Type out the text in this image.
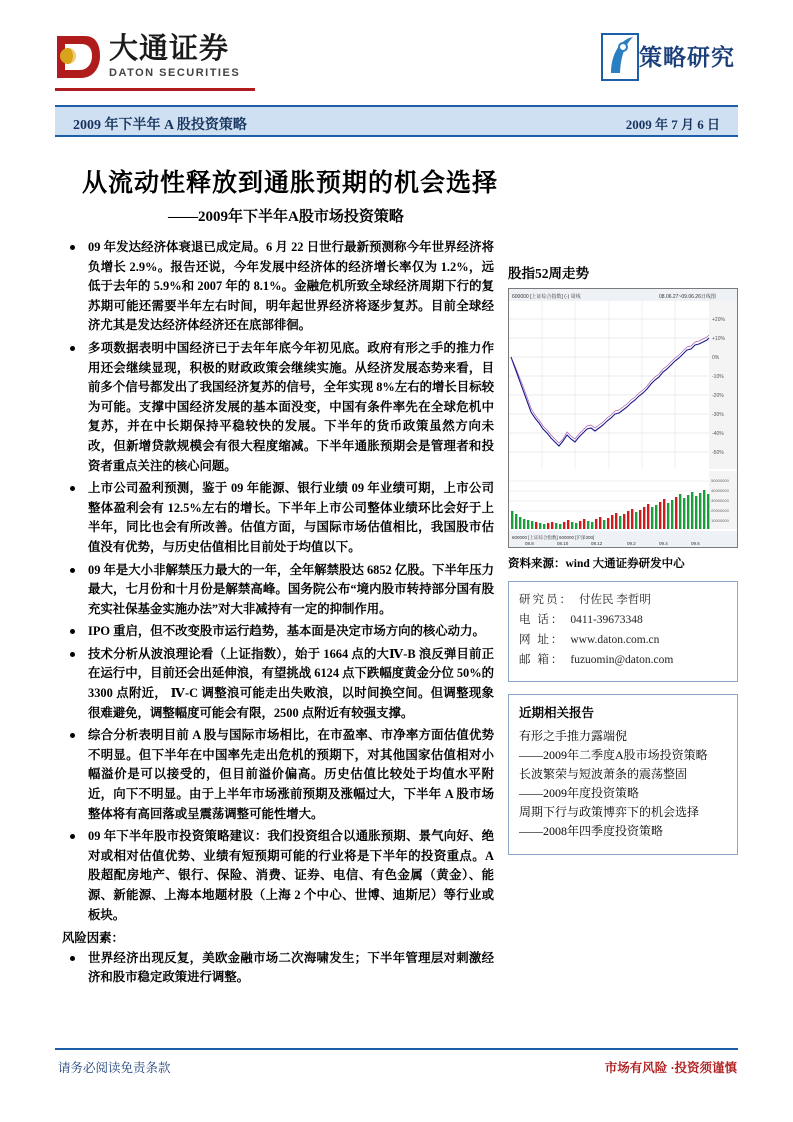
大通证券
DATON SECURITIES
策略研究
2009 年下半年 A 股投资策略	2009 年 7 月 6 日
从流动性释放到通胀预期的机会选择
——2009年下半年A股市场投资策略
09 年发达经济体衰退已成定局。6 月 22 日世行最新预测称今年世界经济将负增长 2.9%。报告还说，今年发展中经济体的经济增长率仅为 1.2%，远低于去年的 5.9%和 2007 年的 8.1%。金融危机所致全球经济周期下行的复苏期可能还需要半年左右时间，明年起世界经济将逐步复苏。目前全球经济尤其是发达经济体经济还在底部徘徊。
多项数据表明中国经济已于去年年底今年初见底。政府有形之手的推力作用还会继续显现，积极的财政政策会继续实施。从经济发展态势来看，目前多个信号都发出了我国经济复苏的信号，全年实现 8%左右的增长目标较为可能。支撑中国经济发展的基本面没变，中国有条件率先在全球危机中复苏，并在中长期保持平稳较快的发展。下半年的货币政策虽然方向未改，但新增贷款规模会有很大程度缩减。下半年通胀预期会是管理者和投资者重点关注的核心问题。
上市公司盈利预测，鉴于 09 年能源、银行业绩 09 年业绩可期，上市公司整体盈利会有 12.5%左右的增长。下半年上市公司整体业绩环比会好于上半年，同比也会有所改善。估值方面，与国际市场估值相比，我国股市估值没有优势，与历史估值相比目前处于均值以下。
09 年是大小非解禁压力最大的一年，全年解禁股达 6852 亿股。下半年压力最大，七月份和十月份是解禁高峰。国务院公布“境内股市转持部分国有股充实社保基金实施办法”对大非减持有一定的抑制作用。
IPO 重启，但不改变股市运行趋势，基本面是决定市场方向的核心动力。
技术分析从波浪理论看（上证指数），始于 1664 点的大Ⅳ-B 浪反弹目前正在运行中，目前还会出延伸浪，有望挑战 6124 点下跌幅度黄金分位 50%的 3300 点附近， Ⅳ-C 调整浪可能走出失败浪，以时间换空间。但调整现象很难避免，调整幅度可能会有限，2500 点附近有较强支撑。
综合分析表明目前 A 股与国际市场相比，在市盈率、市净率方面估值优势不明显。但下半年在中国率先走出危机的预期下，对其他国家估值相对小幅溢价是可以接受的，但目前溢价偏高。历史估值比较处于均值水平附近，向下不明显。由于上半年市场涨前预期及涨幅过大，下半年 A 股市场整体将有高回落或呈震荡调整可能性增大。
09 年下半年股市投资策略建议：我们投资组合以通胀预期、景气向好、绝对或相对估值优势、业绩有短预期可能的行业将是下半年的投资重点。A 股超配房地产、银行、保险、消费、证券、电信、有色金属（黄金）、能源、新能源、上海本地题材股（上海 2 个中心、世博、迪斯尼）等行业或板块。
风险因素：
世界经济出现反复，美欧金融市场二次海啸发生；下半年管理层对刺激经济和股市稳定政策进行调整。
股指52周走势
600000 [上证综合指数] (-) 周线	08.06.27~09.06.26日线图
+20%
+10%
0%
-10%
-20%
-30%
-40%
-50%
50000000
40000000
30000000
20000000
10000000
600000 [上证综合指数] 600000 [沪深300]
08.8	08.10	08.12	09.2	09.4	09.6
资料来源：wind 大通证券研发中心
研究员： 付佐民 李哲明
电 话： 0411-39673348
网 址： www.daton.com.cn
邮 箱： fuzuomin@daton.com
近期相关报告
有形之手推力露端倪
——2009年二季度A股市场投资策略
长波繁荣与短波萧条的震荡整固
——2009年度投资策略
周期下行与政策博弈下的机会选择
——2008年四季度投资策略
请务必阅读免责条款	市场有风险 ·投资须谨慎
